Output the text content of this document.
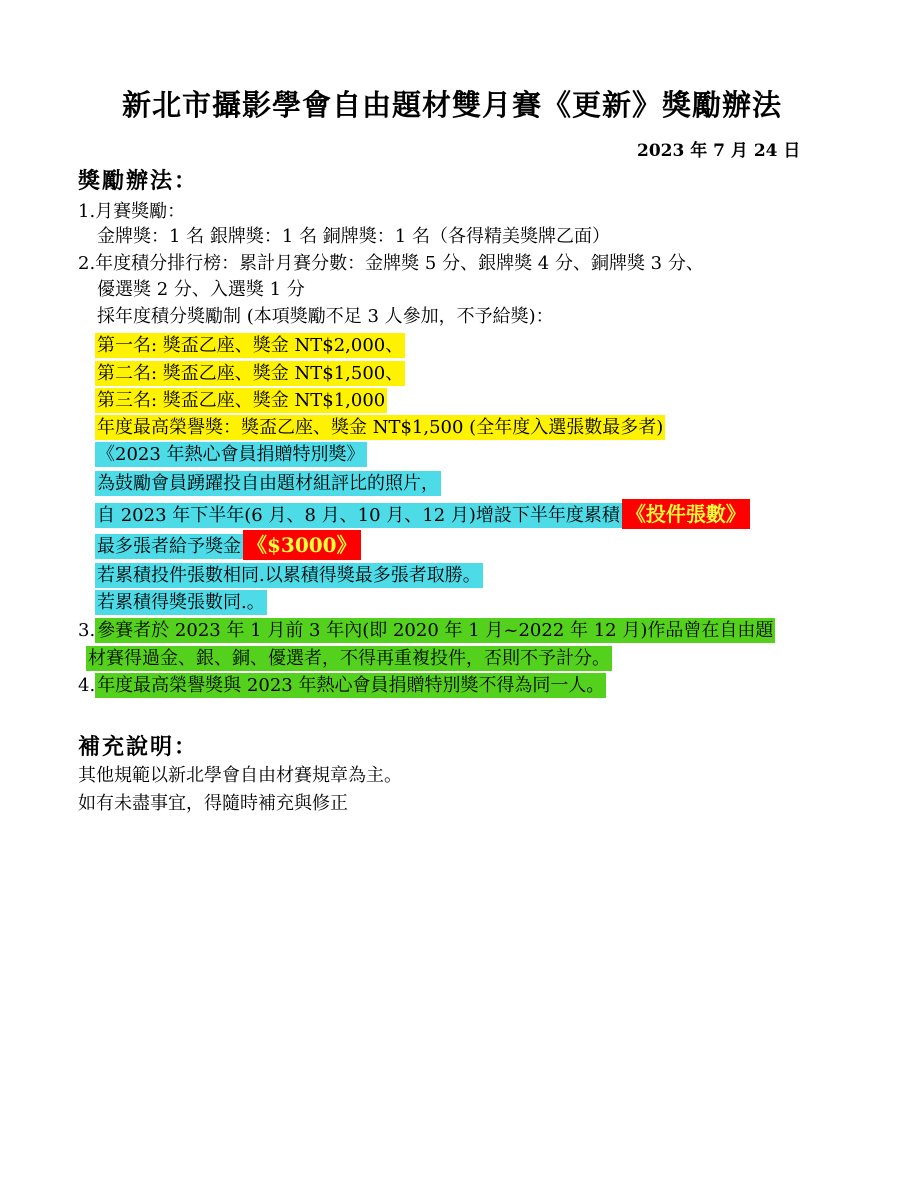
新北市攝影學會自由題材雙月賽《更新》獎勵辦法
2023 年 7 月 24 日
獎勵辦法：
1.月賽獎勵：
金牌獎：1 名 銀牌獎：1 名 銅牌獎：1 名（各得精美獎牌乙面）
2.年度積分排行榜：累計月賽分數：金牌獎 5 分、銀牌獎 4 分、銅牌獎 3 分、
優選獎 2 分、入選獎 1 分
採年度積分獎勵制 (本項獎勵不足 3 人參加，不予給獎)：
第一名: 獎盃乙座、獎金 NT$2,000、
第二名: 獎盃乙座、獎金 NT$1,500、
第三名: 獎盃乙座、獎金 NT$1,000
年度最高榮譽獎：獎盃乙座、獎金 NT$1,500 (全年度入選張數最多者)
《2023 年熱心會員捐贈特別獎》
為鼓勵會員踴躍投自由題材組評比的照片，
自 2023 年下半年(6 月、8 月、10 月、12 月)增設下半年度累積 《投件張數》
最多張者給予獎金 《$3000》
若累積投件張數相同.以累積得獎最多張者取勝。
若累積得獎張數同.。
3. 參賽者於 2023 年 1 月前 3 年內(即 2020 年 1 月~2022 年 12 月)作品曾在自由題
材賽得過金、銀、銅、優選者，不得再重複投件，否則不予計分。
4. 年度最高榮譽獎與 2023 年熱心會員捐贈特別獎不得為同一人。
補充說明：
其他規範以新北學會自由材賽規章為主。
如有未盡事宜，得隨時補充與修正
